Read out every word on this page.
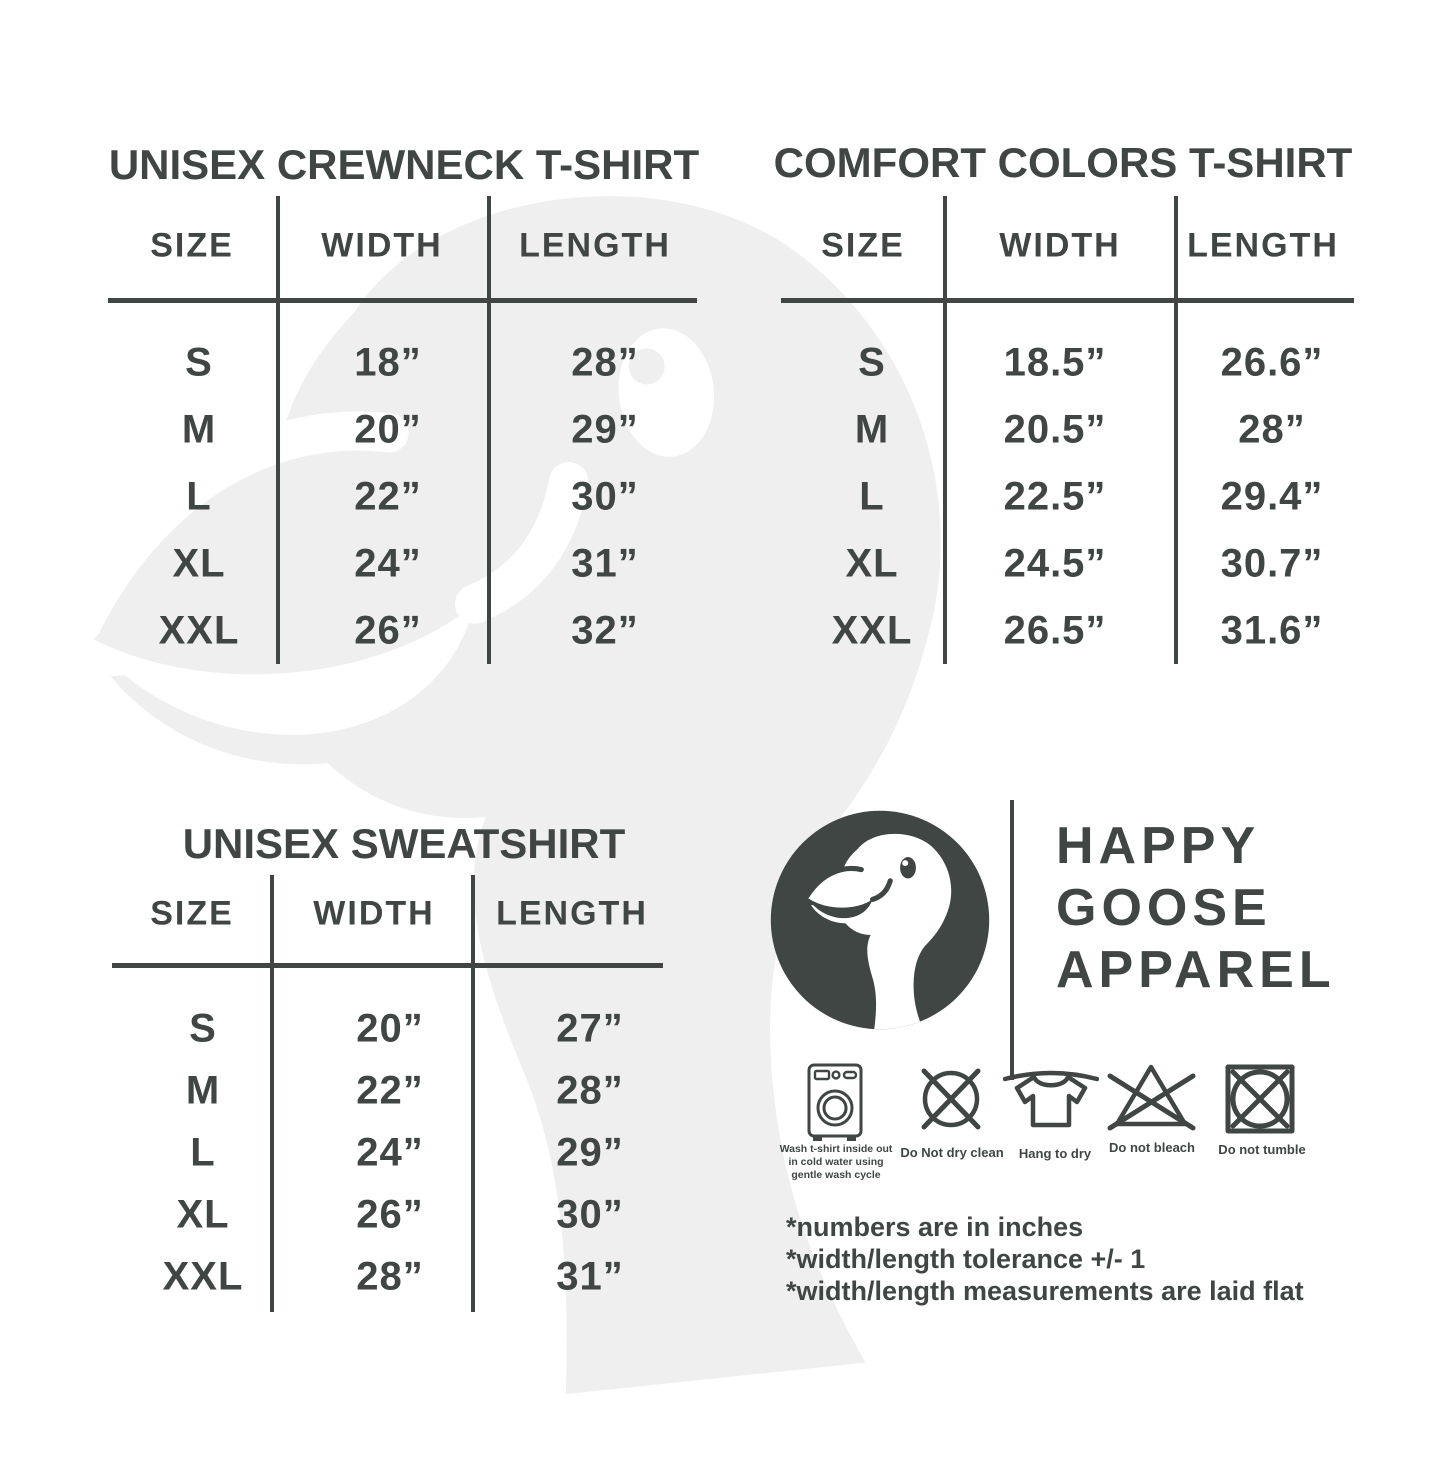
UNISEX CREWNECK T-SHIRT
SIZE	WIDTH LENGTH
S	18”	28”
M	20”	29”
L	22”	30”
XL	24”	31”
XXL	26”	32”
COMFORT COLORS T-SHIRT
SIZE	WIDTH LENGTH
S	18.5”	26.6”
M	20.5”	28”
L	22.5”	29.4”
XL	24.5”	30.7”
XXL 26.5”	31.6”
UNISEX SWEATSHIRT
SIZE WIDTH LENGTH
S	20”	27”
M	22”	28”
L	24”	29”
XL	26”	30”
XXL	28”	31”
HAPPY
GOOSE
APPAREL
Wash t-shirt inside out
in cold water using
gentle wash cycle
Do Not dry clean Hang to dry Do not bleach Do not tumble
*numbers are in inches
*width/length tolerance +/- 1
*width/length measurements are laid flat
